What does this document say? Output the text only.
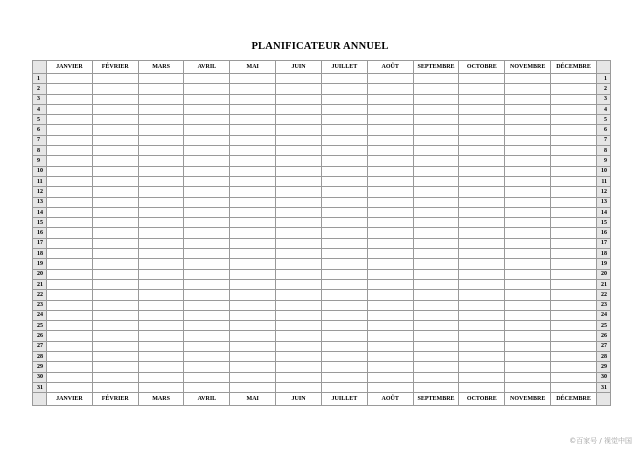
PLANIFICATEUR ANNUEL
	JANVIER	FÉVRIER	MARS	AVRIL	MAI	JUIN	JUILLET	AOÛT	SEPTEMBRE	OCTOBRE	NOVEMBRE	DÉCEMBRE	
1													1
2													2
3													3
4													4
5													5
6													6
7													7
8													8
9													9
10													10
11													11
12													12
13													13
14													14
15													15
16													16
17													17
18													18
19													19
20													20
21													21
22													22
23													23
24													24
25													25
26													26
27													27
28													28
29													29
30													30
31													31
	JANVIER	FÉVRIER	MARS	AVRIL	MAI	JUIN	JUILLET	AOÛT	SEPTEMBRE	OCTOBRE	NOVEMBRE	DÉCEMBRE	
©百家号 / 视觉中国
